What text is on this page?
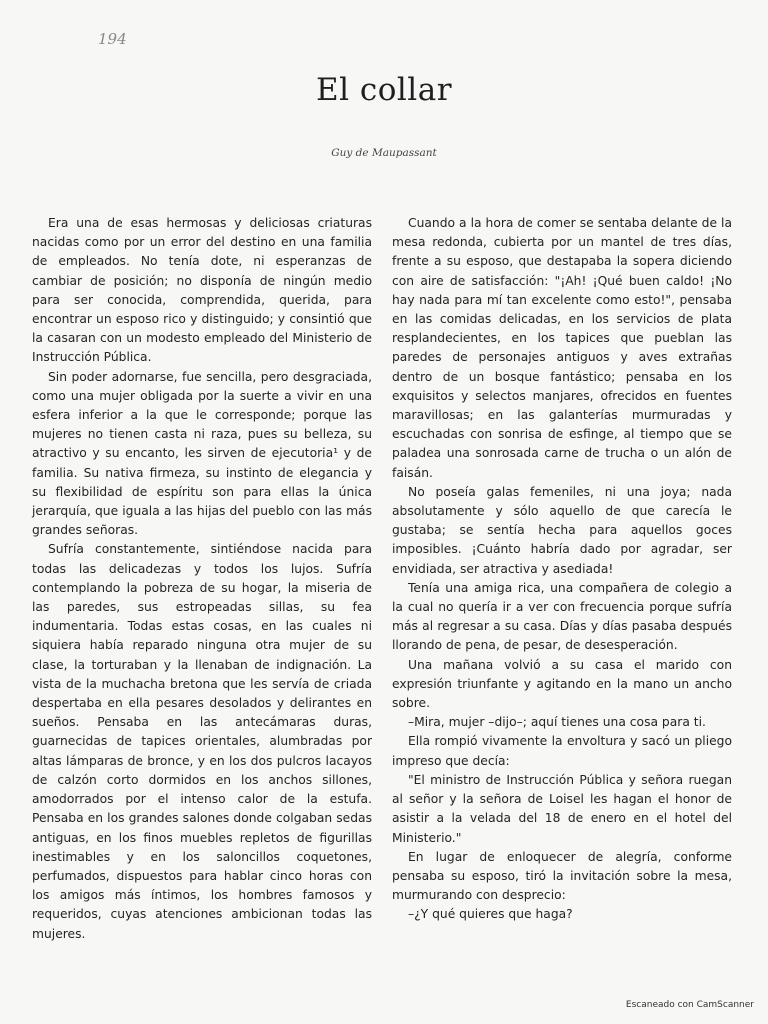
194
El collar
Guy de Maupassant

Era una de esas hermosas y deliciosas criaturas nacidas como por un error del destino en una familia de empleados. No tenía dote, ni esperanzas de cambiar de posición; no disponía de ningún medio para ser conocida, comprendida, querida, para encontrar un esposo rico y distinguido; y consintió que la casaran con un modesto empleado del Ministerio de Instrucción Pública.

Sin poder adornarse, fue sencilla, pero desgraciada, como una mujer obligada por la suerte a vivir en una esfera inferior a la que le corresponde; porque las mujeres no tienen casta ni raza, pues su belleza, su atractivo y su encanto, les sirven de ejecutoria¹ y de familia. Su nativa firmeza, su instinto de elegancia y su flexibilidad de espíritu son para ellas la única jerarquía, que iguala a las hijas del pueblo con las más grandes señoras.

Sufría constantemente, sintiéndose nacida para todas las delicadezas y todos los lujos. Sufría contemplando la pobreza de su hogar, la miseria de las paredes, sus estropeadas sillas, su fea indumentaria. Todas estas cosas, en las cuales ni siquiera había reparado ninguna otra mujer de su clase, la torturaban y la llenaban de indignación. La vista de la muchacha bretona que les servía de criada despertaba en ella pesares desolados y delirantes en sueños. Pensaba en las antecámaras duras, guarnecidas de tapices orientales, alumbradas por altas lámparas de bronce, y en los dos pulcros lacayos de calzón corto dormidos en los anchos sillones, amodorrados por el intenso calor de la estufa. Pensaba en los grandes salones donde colgaban sedas antiguas, en los finos muebles repletos de figurillas inestimables y en los saloncillos coquetones, perfumados, dispuestos para hablar cinco horas con los amigos más íntimos, los hombres famosos y requeridos, cuyas atenciones ambicionan todas las mujeres.

Cuando a la hora de comer se sentaba delante de la mesa redonda, cubierta por un mantel de tres días, frente a su esposo, que destapaba la sopera diciendo con aire de satisfacción: "¡Ah! ¡Qué buen caldo! ¡No hay nada para mí tan excelente como esto!", pensaba en las comidas delicadas, en los servicios de plata resplandecientes, en los tapices que pueblan las paredes de personajes antiguos y aves extrañas dentro de un bosque fantástico; pensaba en los exquisitos y selectos manjares, ofrecidos en fuentes maravillosas; en las galanterías murmuradas y escuchadas con sonrisa de esfinge, al tiempo que se paladea una sonrosada carne de trucha o un alón de faisán.

No poseía galas femeniles, ni una joya; nada absolutamente y sólo aquello de que carecía le gustaba; se sentía hecha para aquellos goces imposibles. ¡Cuánto habría dado por agradar, ser envidiada, ser atractiva y asediada!

Tenía una amiga rica, una compañera de colegio a la cual no quería ir a ver con frecuencia porque sufría más al regresar a su casa. Días y días pasaba después llorando de pena, de pesar, de desesperación.

Una mañana volvió a su casa el marido con expresión triunfante y agitando en la mano un ancho sobre.

–Mira, mujer –dijo–; aquí tienes una cosa para ti.

Ella rompió vivamente la envoltura y sacó un pliego impreso que decía:

"El ministro de Instrucción Pública y señora ruegan al señor y la señora de Loisel les hagan el honor de asistir a la velada del 18 de enero en el hotel del Ministerio."

En lugar de enloquecer de alegría, conforme pensaba su esposo, tiró la invitación sobre la mesa, murmurando con desprecio:

–¿Y qué quieres que haga?

Escaneado con CamScanner
